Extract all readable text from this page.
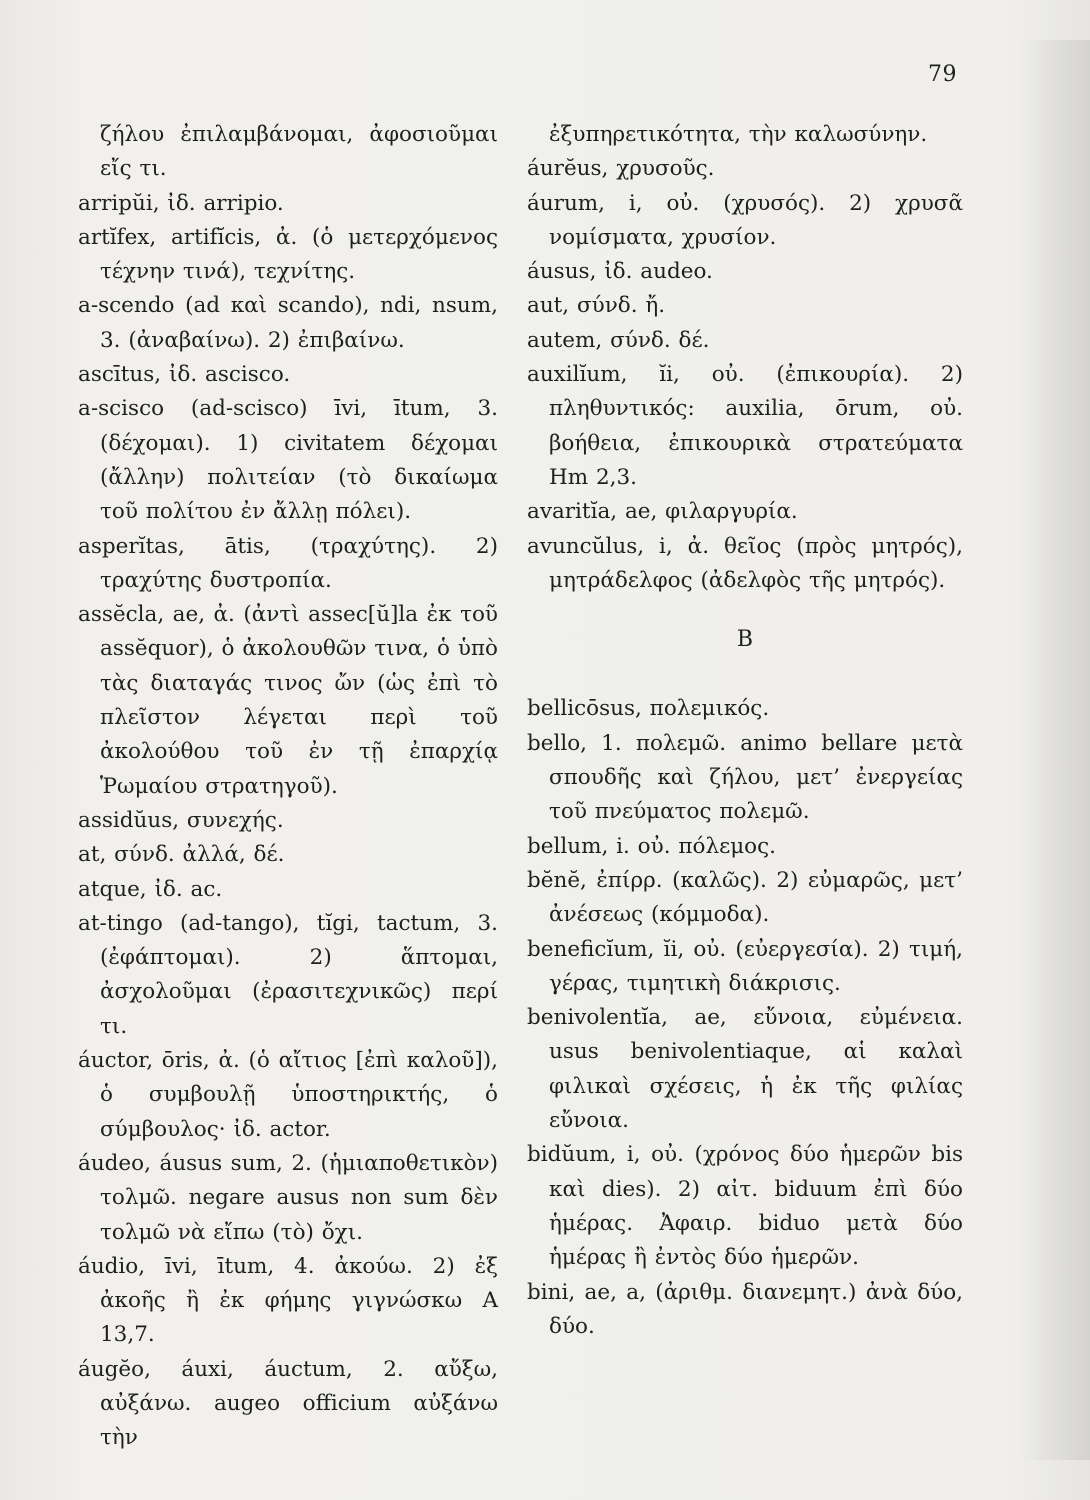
79
ζήλου ἐπιλαμβάνομαι, ἀφοσιοῦμαι εἴς τι.
arripŭi, ἰδ. arripio.
artĭfex, artifĭcis, ἀ. (ὁ μετερχόμενος τέχνην τινά), τεχνίτης.
a-scendo (ad καὶ scando), ndi, nsum, 3. (ἀναβαίνω). 2) ἐπιβαίνω.
ascītus, ἰδ. ascisco.
a-scisco (ad-scisco) īvi, ītum, 3. (δέχομαι). 1) civitatem δέχομαι (ἄλλην) πολιτείαν (τὸ δικαίωμα τοῦ πολίτου ἐν ἄλλῃ πόλει).
asperĭtas, ātis, (τραχύτης). 2) τραχύτης δυστροπία.
assĕcla, ae, ἀ. (ἀντὶ assec[ŭ]la ἐκ τοῦ assĕquor), ὁ ἀκολουθῶν τινα, ὁ ὑπὸ τὰς διαταγάς τινος ὤν (ὡς ἐπὶ τὸ πλεῖστον λέγεται περὶ τοῦ ἀκολούθου τοῦ ἐν τῇ ἐπαρχίᾳ Ῥωμαίου στρατηγοῦ).
assidŭus, συνεχής.
at, σύνδ. ἀλλά, δέ.
atque, ἰδ. ac.
at-tingo (ad-tango), tĭgi, tactum, 3. (ἐφάπτομαι). 2) ἅπτομαι, ἀσχολοῦμαι (ἐρασιτεχνικῶς) περί τι.
áuctor, ōris, ἀ. (ὁ αἴτιος [ἐπὶ καλοῦ]), ὁ συμβουλῇ ὑποστηρικτής, ὁ σύμβουλος· ἰδ. actor.
áudeo, áusus sum, 2. (ἡμιαποθετικὸν) τολμῶ. negare ausus non sum δὲν τολμῶ νὰ εἴπω (τὸ) ὄχι.
áudio, īvi, ītum, 4. ἀκούω. 2) ἐξ ἀκοῆς ἢ ἐκ φήμης γιγνώσκω A 13,7.
áugĕo, áuxi, áuctum, 2. αὔξω, αὐξάνω. augeo officium αὐξάνω τὴν
ἐξυπηρετικότητα, τὴν καλωσύνην.
áurĕus, χρυσοῦς.
áurum, i, οὐ. (χρυσός). 2) χρυσᾶ νομίσματα, χρυσίον.
áusus, ἰδ. audeo.
aut, σύνδ. ἤ.
autem, σύνδ. δέ.
auxilĭum, ĭi, οὐ. (ἐπικουρία). 2) πληθυντικός: auxilia, ōrum, οὐ. βοήθεια, ἐπικουρικὰ στρατεύματα Hm 2,3.
avaritĭa, ae, φιλαργυρία.
avuncŭlus, i, ἀ. θεῖος (πρὸς μητρός), μητράδελφος (ἀδελφὸς τῆς μητρός).
B
bellicōsus, πολεμικός.
bello, 1. πολεμῶ. animo bellare μετὰ σπουδῆς καὶ ζήλου, μετ’ ἐνεργείας τοῦ πνεύματος πολεμῶ.
bellum, i. οὐ. πόλεμος.
bĕnĕ, ἐπίρρ. (καλῶς). 2) εὐμαρῶς, μετ’ ἀνέσεως (κόμμοδα).
beneficĭum, ĭi, οὐ. (εὐεργεσία). 2) τιμή, γέρας, τιμητικὴ διάκρισις.
benivolentĭa, ae, εὔνοια, εὐμένεια. usus benivolentiaque, αἱ καλαὶ φιλικαὶ σχέσεις, ἡ ἐκ τῆς φιλίας εὔνοια.
bidŭum, i, οὐ. (χρόνος δύο ἡμερῶν bis καὶ dies). 2) αἰτ. biduum ἐπὶ δύο ἡμέρας. Ἀφαιρ. biduo μετὰ δύο ἡμέρας ἢ ἐντὸς δύο ἡμερῶν.
bini, ae, a, (ἀριθμ. διανεμητ.) ἀνὰ δύο, δύο.
